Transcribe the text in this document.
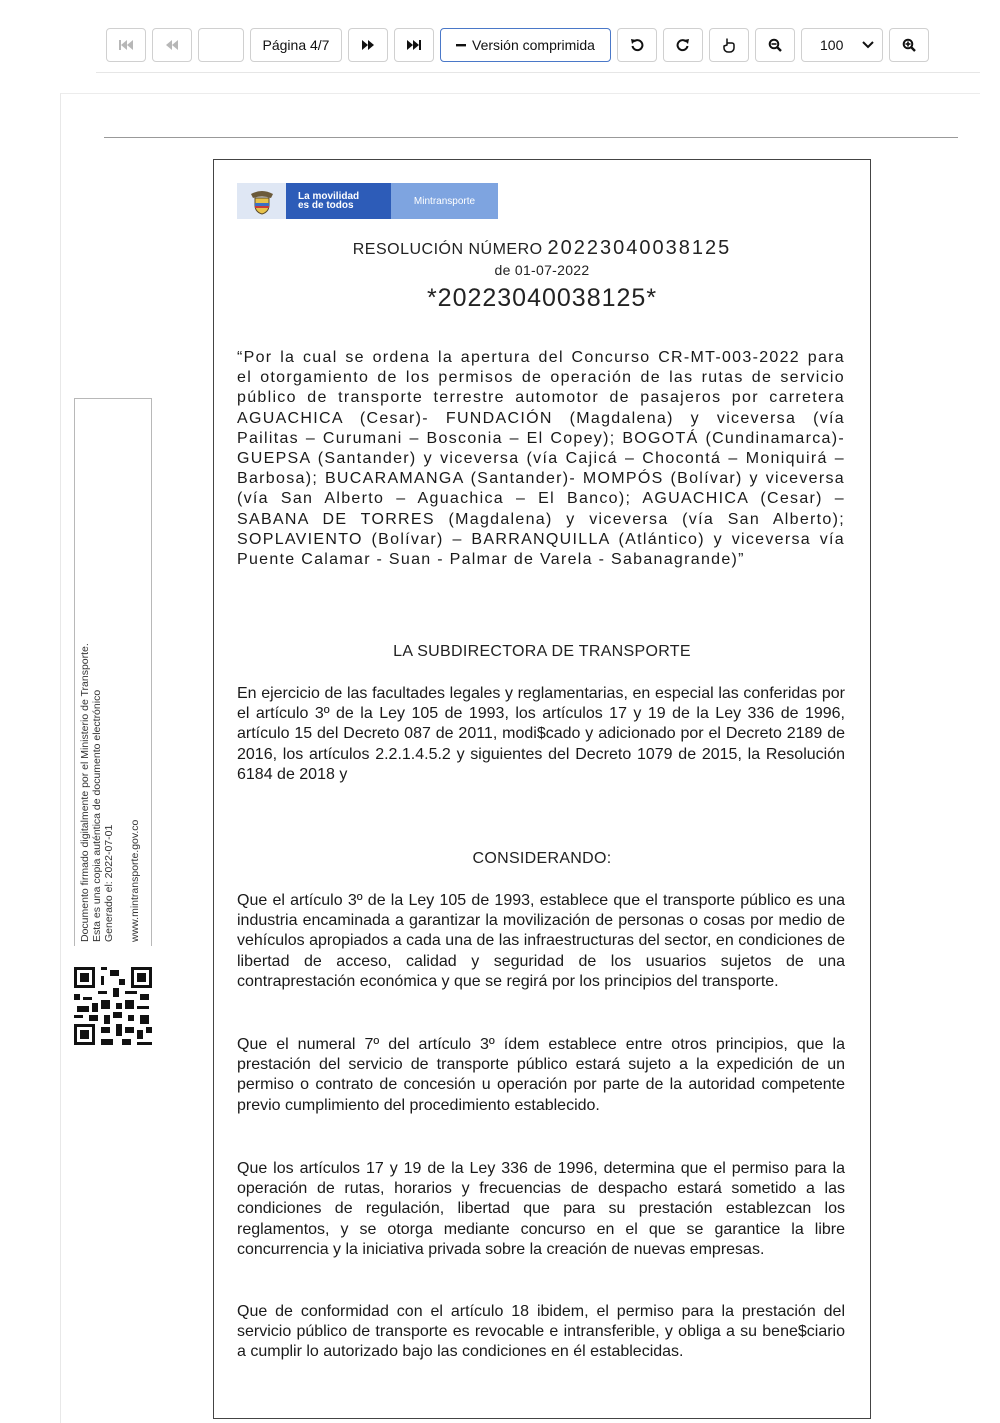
Página 4/7	Versión comprimida	100
Documento firmado digitalmente por el Ministerio de Transporte. Esta es una copia auténtica de documento electrónico Generado el: 2022-07-01 www.mintransporte.gov.co
La movilidad
es de todos	Mintransporte
RESOLUCIÓN NÚMERO 20223040038125
de 01-07-2022
*20223040038125*
“Por la cual se ordena la apertura del Concurso CR-MT-003-2022 para el otorgamiento de los permisos de operación de las rutas de servicio público de transporte terrestre automotor de pasajeros por carretera AGUACHICA (Cesar)- FUNDACIÓN (Magdalena) y viceversa (vía Pailitas – Curumani – Bosconia – El Copey); BOGOTÁ (Cundinamarca)-GUEPSA (Santander) y viceversa (vía Cajicá – Chocontá – Moniquirá – Barbosa); BUCARAMANGA (Santander)- MOMPÓS (Bolívar) y viceversa (vía San Alberto – Aguachica – El Banco); AGUACHICA (Cesar) – SABANA DE TORRES (Magdalena) y viceversa (vía San Alberto); SOPLAVIENTO (Bolívar) – BARRANQUILLA (Atlántico) y viceversa vía Puente Calamar - Suan - Palmar de Varela - Sabanagrande)”
LA SUBDIRECTORA DE TRANSPORTE
En ejercicio de las facultades legales y reglamentarias, en especial las conferidas por el artículo 3º de la Ley 105 de 1993, los artículos 17 y 19 de la Ley 336 de 1996, artículo 15 del Decreto 087 de 2011, modi$cado y adicionado por el Decreto 2189 de 2016, los artículos 2.2.1.4.5.2 y siguientes del Decreto 1079 de 2015, la Resolución 6184 de 2018 y
CONSIDERANDO:
Que el artículo 3º de la Ley 105 de 1993, establece que el transporte público es una industria encaminada a garantizar la movilización de personas o cosas por medio de vehículos apropiados a cada una de las infraestructuras del sector, en condiciones de libertad de acceso, calidad y seguridad de los usuarios sujetos de una contraprestación económica y que se regirá por los principios del transporte.
Que el numeral 7º del artículo 3º ídem establece entre otros principios, que la prestación del servicio de transporte público estará sujeto a la expedición de un permiso o contrato de concesión u operación por parte de la autoridad competente previo cumplimiento del procedimiento establecido.
Que los artículos 17 y 19 de la Ley 336 de 1996, determina que el permiso para la operación de rutas, horarios y frecuencias de despacho estará sometido a las condiciones de regulación, libertad que para su prestación establezcan los reglamentos, y se otorga mediante concurso en el que se garantice la libre concurrencia y la iniciativa privada sobre la creación de nuevas empresas.
Que de conformidad con el artículo 18 ibidem, el permiso para la prestación del servicio público de transporte es revocable e intransferible, y obliga a su bene$ciario a cumplir lo autorizado bajo las condiciones en él establecidas.
